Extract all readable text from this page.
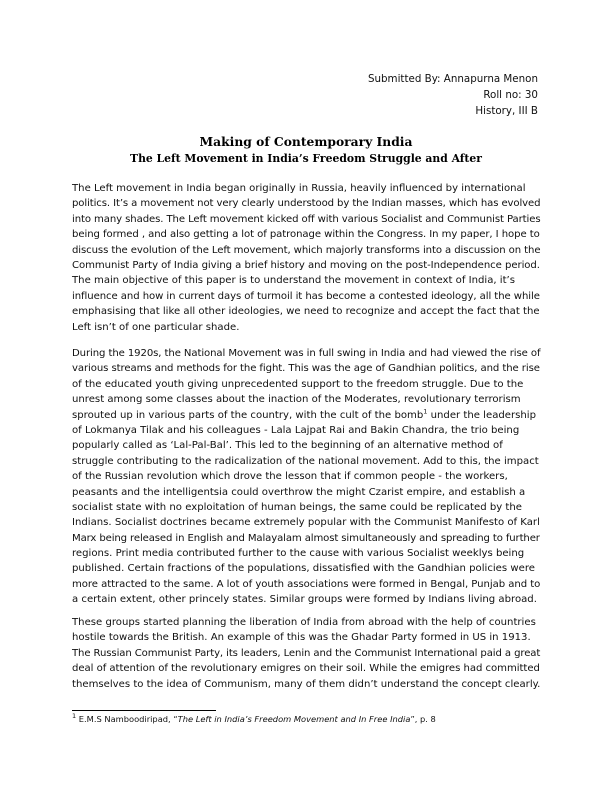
Submitted By: Annapurna Menon
Roll no: 30
History, III B
Making of Contemporary India
The Left Movement in India’s Freedom Struggle and After
The Left movement in India began originally in Russia, heavily influenced by international
politics. It’s a movement not very clearly understood by the Indian masses, which has evolved
into many shades. The Left movement kicked off with various Socialist and Communist Parties
being formed , and also getting a lot of patronage within the Congress. In my paper, I hope to
discuss the evolution of the Left movement, which majorly transforms into a discussion on the
Communist Party of India giving a brief history and moving on the post-Independence period.
The main objective of this paper is to understand the movement in context of India, it’s
influence and how in current days of turmoil it has become a contested ideology, all the while
emphasising that like all other ideologies, we need to recognize and accept the fact that the
Left isn’t of one particular shade.
During the 1920s, the National Movement was in full swing in India and had viewed the rise of
various streams and methods for the fight. This was the age of Gandhian politics, and the rise
of the educated youth giving unprecedented support to the freedom struggle. Due to the
unrest among some classes about the inaction of the Moderates, revolutionary terrorism
sprouted up in various parts of the country, with the cult of the bomb$^1$ under the leadership
of Lokmanya Tilak and his colleagues - Lala Lajpat Rai and Bakin Chandra, the trio being
popularly called as ‘Lal-Pal-Bal’. This led to the beginning of an alternative method of
struggle contributing to the radicalization of the national movement. Add to this, the impact
of the Russian revolution which drove the lesson that if common people - the workers,
peasants and the intelligentsia could overthrow the might Czarist empire, and establish a
socialist state with no exploitation of human beings, the same could be replicated by the
Indians. Socialist doctrines became extremely popular with the Communist Manifesto of Karl
Marx being released in English and Malayalam almost simultaneously and spreading to further
regions. Print media contributed further to the cause with various Socialist weeklys being
published. Certain fractions of the populations, dissatisfied with the Gandhian policies were
more attracted to the same. A lot of youth associations were formed in Bengal, Punjab and to
a certain extent, other princely states. Similar groups were formed by Indians living abroad.
These groups started planning the liberation of India from abroad with the help of countries
hostile towards the British. An example of this was the Ghadar Party formed in US in 1913.
The Russian Communist Party, its leaders, Lenin and the Communist International paid a great
deal of attention of the revolutionary emigres on their soil. While the emigres had committed
themselves to the idea of Communism, many of them didn’t understand the concept clearly.
$^1$ E.M.S Namboodiripad, “The Left in India’s Freedom Movement and In Free India”, p. 8
